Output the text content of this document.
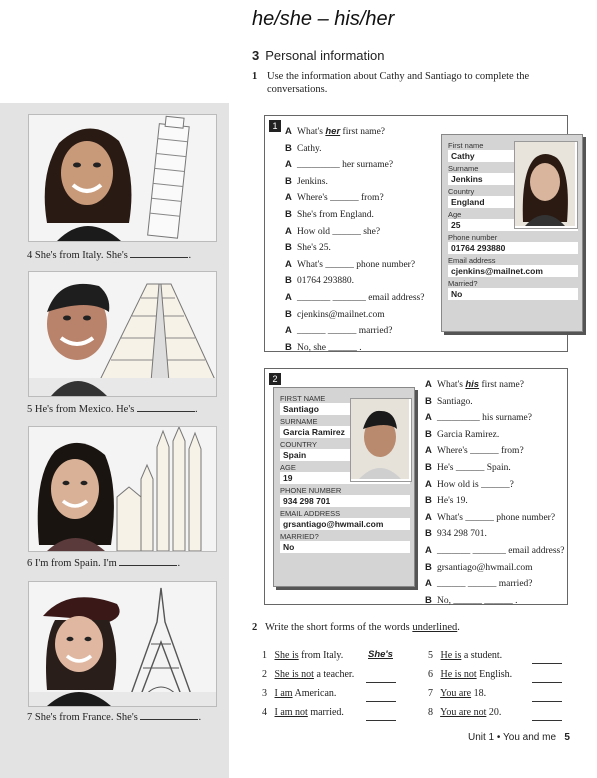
4 She's from Italy. She's	.
5 He's from Mexico. He's	.
6 I'm from Spain. I'm	.
7 She's from France. She's	.
he/she – his/her
3 Personal information
1 Use the information about Cathy and Santiago to complete the conversations.
1 A What's her first name?
B Cathy.
A _________ her surname?
B Jenkins.
A Where's ______ from?
B She's from England.
A How old ______ she?
B She's 25.
A What's ______ phone number?
B 01764 293880.
A _______ _______ email address?
B cjenkins@mailnet.com
A ______ ______ married?
B No, she ______ .
First name
Cathy
Surname
Jenkins
Country
England
Age
25
Phone number
01764 293880
Email address
cjenkins@mailnet.com
Married?
No
2
FIRST NAME
Santiago
SURNAME
Garcia Ramirez
COUNTRY
Spain
AGE
19
PHONE NUMBER
934 298 701
EMAIL ADDRESS
grsantiago@hwmail.com
MARRIED?
No
A What's his first name?
B Santiago.
A _________ his surname?
B Garcia Ramirez.
A Where's ______ from?
B He's ______ Spain.
A How old is ______?
B He's 19.
A What's ______ phone number?
B 934 298 701.
A _______ _______ email address?
B grsantiago@hwmail.com
A ______ ______ married?
B No, ______ ______ .
2 Write the short forms of the words underlined.
1 She is from Italy.	She's
2 She is not a teacher.
3 I am American.
4 I am not married.
5 He is a student.
6 He is not English.
7 You are 18.
8 You are not 20.
Unit 1 • You and me 5
